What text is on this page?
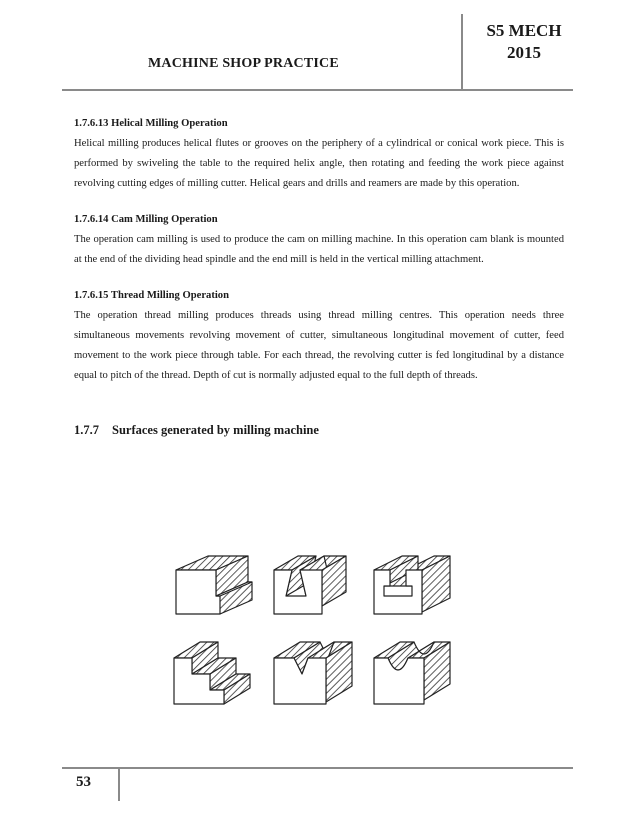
MACHINE SHOP PRACTICE
S5 MECH
2015
1.7.6.13 Helical Milling Operation
Helical milling produces helical flutes or grooves on the periphery of a cylindrical or conical work piece. This is performed by swiveling the table to the required helix angle, then rotating and feeding the work piece against revolving cutting edges of milling cutter. Helical gears and drills and reamers are made by this operation.
1.7.6.14 Cam Milling Operation
The operation cam milling is used to produce the cam on milling machine. In this operation cam blank is mounted at the end of the dividing head spindle and the end mill is held in the vertical milling attachment.
1.7.6.15 Thread Milling Operation
The operation thread milling produces threads using thread milling centres. This operation needs three simultaneous movements revolving movement of cutter, simultaneous longitudinal movement of cutter, feed movement to the work piece through table. For each thread, the revolving cutter is fed longitudinal by a distance equal to pitch of the thread. Depth of cut is normally adjusted equal to the full depth of threads.
1.7.7 Surfaces generated by milling machine
53
